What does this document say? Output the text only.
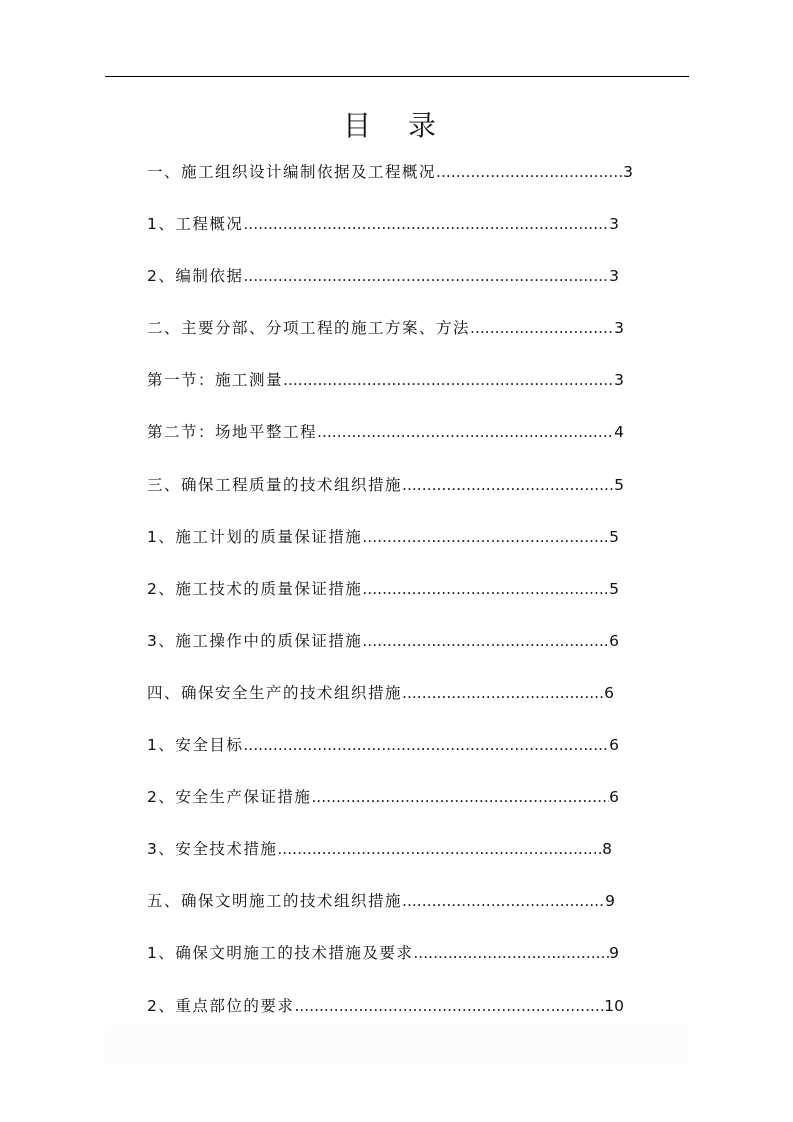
目 录
一、施工组织设计编制依据及工程概况 .....	3
1、工程概况 .....	3
2、编制依据 .....	3
二、主要分部、分项工程的施工方案、方法 .....	3
第一节：施工测量 .....	3
第二节：场地平整工程 .....	4
三、确保工程质量的技术组织措施 .....	5
1、施工计划的质量保证措施 .....	5
2、施工技术的质量保证措施 .....	5
3、施工操作中的质保证措施 .....	6
四、确保安全生产的技术组织措施 .....	6
1、安全目标 .....	6
2、安全生产保证措施 .....	6
3、安全技术措施 .....	8
五、确保文明施工的技术组织措施 .....	9
1、确保文明施工的技术措施及要求 .....	9
2、重点部位的要求 .....	10
